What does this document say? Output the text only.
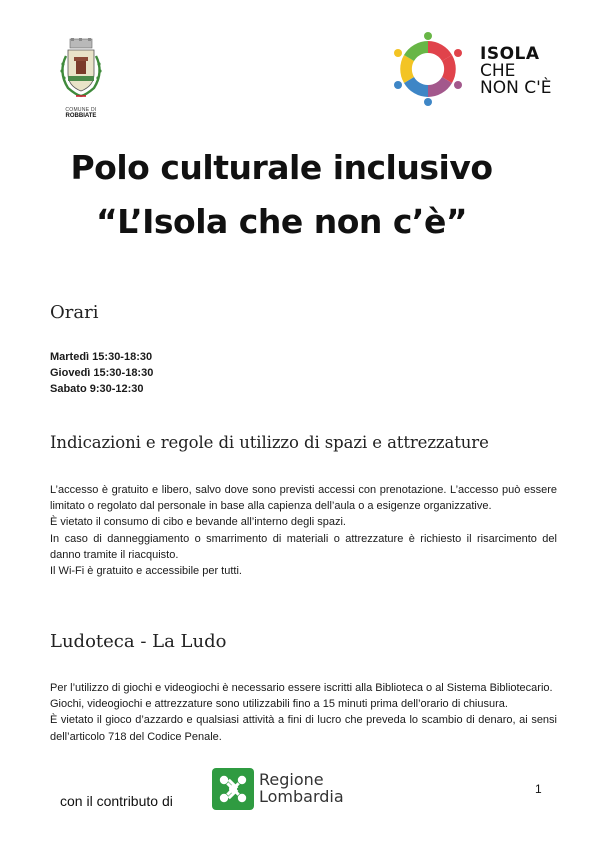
COMUNE DI
ROBBIATE
ISOLA
CHE
NON C'È
Polo culturale inclusivo
“L’Isola che non c’è”
Orari
Martedì 15:30-18:30
Giovedì 15:30-18:30
Sabato 9:30-12:30
Indicazioni e regole di utilizzo di spazi e attrezzature

L’accesso è gratuito e libero, salvo dove sono previsti accessi con prenotazione. L’accesso può essere limitato o regolato dal personale in base alla capienza dell’aula o a esigenze organizzative.

È vietato il consumo di cibo e bevande all’interno degli spazi.

In caso di danneggiamento o smarrimento di materiali o attrezzature è richiesto il risarcimento del danno tramite il riacquisto.

Il Wi-Fi è gratuito e accessibile per tutti.

Ludoteca - La Ludo

Per l’utilizzo di giochi e videogiochi è necessario essere iscritti alla Biblioteca o al Sistema Bibliotecario.

Giochi, videogiochi e attrezzature sono utilizzabili fino a 15 minuti prima dell’orario di chiusura.

È vietato il gioco d’azzardo e qualsiasi attività a fini di lucro che preveda lo scambio di denaro, ai sensi dell’articolo 718 del Codice Penale.

con il contributo di
Regione
Lombardia	1
